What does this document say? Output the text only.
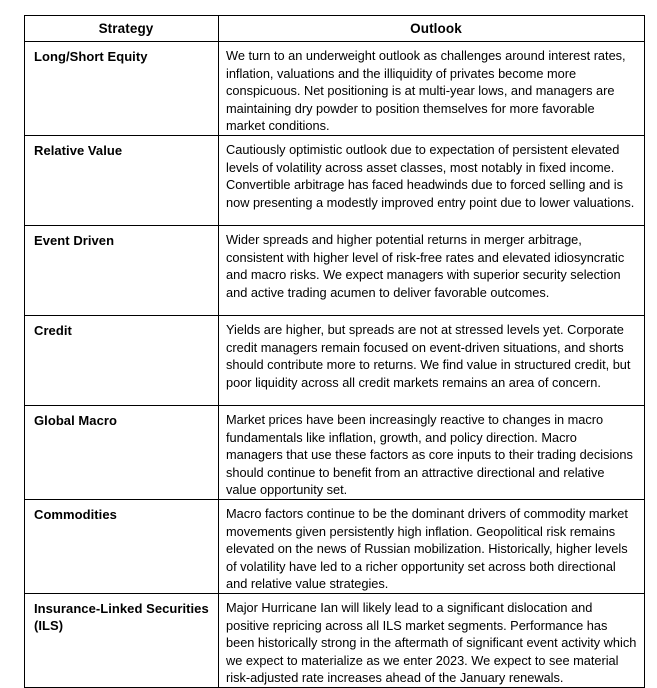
Strategy	Outlook

Long/Short Equity	We turn to an underweight outlook as challenges around interest rates, inflation, valuations and the illiquidity of privates become more conspicuous. Net positioning is at multi-year lows, and managers are maintaining dry powder to position themselves for more favorable market conditions.

Relative Value	Cautiously optimistic outlook due to expectation of persistent elevated levels of volatility across asset classes, most notably in fixed income. Convertible arbitrage has faced headwinds due to forced selling and is now presenting a modestly improved entry point due to lower valuations.

Event Driven	Wider spreads and higher potential returns in merger arbitrage, consistent with higher level of risk-free rates and elevated idiosyncratic and macro risks. We expect managers with superior security selection and active trading acumen to deliver favorable outcomes.

Credit	Yields are higher, but spreads are not at stressed levels yet. Corporate credit managers remain focused on event-driven situations, and shorts should contribute more to returns. We find value in structured credit, but poor liquidity across all credit markets remains an area of concern.

Global Macro	Market prices have been increasingly reactive to changes in macro fundamentals like inflation, growth, and policy direction. Macro managers that use these factors as core inputs to their trading decisions should continue to benefit from an attractive directional and relative value opportunity set.

Commodities	Macro factors continue to be the dominant drivers of commodity market movements given persistently high inflation. Geopolitical risk remains elevated on the news of Russian mobilization. Historically, higher levels of volatility have led to a richer opportunity set across both directional and relative value strategies.

Insurance-Linked Securities (ILS)	Major Hurricane Ian will likely lead to a significant dislocation and positive repricing across all ILS market segments. Performance has been historically strong in the aftermath of significant event activity which we expect to materialize as we enter 2023. We expect to see material risk-adjusted rate increases ahead of the January renewals.
